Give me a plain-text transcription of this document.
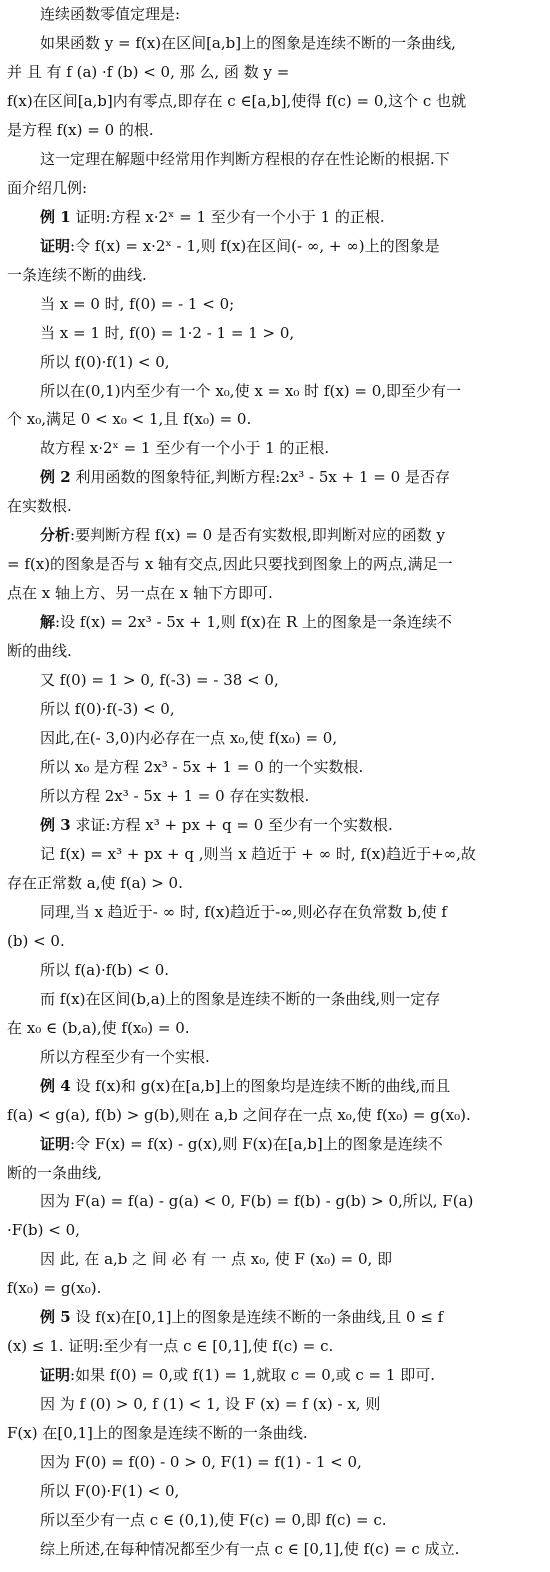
连续函数零值定理是:
如果函数 y = f(x)在区间[a,b]上的图象是连续不断的一条曲线,
并 且 有 f (a) ·f (b) < 0, 那 么, 函 数 y =
f(x)在区间[a,b]内有零点,即存在 c ∈[a,b],使得 f(c) = 0,这个 c 也就
是方程 f(x) = 0 的根.
这一定理在解题中经常用作判断方程根的存在性论断的根据.下
面介绍几例:
例 1 证明:方程 x·2ˣ = 1 至少有一个小于 1 的正根.
证明:令 f(x) = x·2ˣ - 1,则 f(x)在区间(- ∞, + ∞)上的图象是
一条连续不断的曲线.
当 x = 0 时, f(0) = - 1 < 0;
当 x = 1 时, f(0) = 1·2 - 1 = 1 > 0,
所以 f(0)·f(1) < 0,
所以在(0,1)内至少有一个 x₀,使 x = x₀ 时 f(x) = 0,即至少有一
个 x₀,满足 0 < x₀ < 1,且 f(x₀) = 0.
故方程 x·2ˣ = 1 至少有一个小于 1 的正根.
例 2 利用函数的图象特征,判断方程:2x³ - 5x + 1 = 0 是否存
在实数根.
分析:要判断方程 f(x) = 0 是否有实数根,即判断对应的函数 y
= f(x)的图象是否与 x 轴有交点,因此只要找到图象上的两点,满足一
点在 x 轴上方、另一点在 x 轴下方即可.
解:设 f(x) = 2x³ - 5x + 1,则 f(x)在 R 上的图象是一条连续不
断的曲线.
又 f(0) = 1 > 0, f(-3) = - 38 < 0,
所以 f(0)·f(-3) < 0,
因此,在(- 3,0)内必存在一点 x₀,使 f(x₀) = 0,
所以 x₀ 是方程 2x³ - 5x + 1 = 0 的一个实数根.
所以方程 2x³ - 5x + 1 = 0 存在实数根.
例 3 求证:方程 x³ + px + q = 0 至少有一个实数根.
记 f(x) = x³ + px + q ,则当 x 趋近于 + ∞ 时, f(x)趋近于+∞,故
存在正常数 a,使 f(a) > 0.
同理,当 x 趋近于- ∞ 时, f(x)趋近于-∞,则必存在负常数 b,使 f
(b) < 0.
所以 f(a)·f(b) < 0.
而 f(x)在区间(b,a)上的图象是连续不断的一条曲线,则一定存
在 x₀ ∈ (b,a),使 f(x₀) = 0.
所以方程至少有一个实根.
例 4 设 f(x)和 g(x)在[a,b]上的图象均是连续不断的曲线,而且
f(a) < g(a), f(b) > g(b),则在 a,b 之间存在一点 x₀,使 f(x₀) = g(x₀).
证明:令 F(x) = f(x) - g(x),则 F(x)在[a,b]上的图象是连续不
断的一条曲线,
因为 F(a) = f(a) - g(a) < 0, F(b) = f(b) - g(b) > 0,所以, F(a)
·F(b) < 0,
因 此, 在 a,b 之 间 必 有 一 点 x₀, 使 F (x₀) = 0, 即
f(x₀) = g(x₀).
例 5 设 f(x)在[0,1]上的图象是连续不断的一条曲线,且 0 ≤ f
(x) ≤ 1. 证明:至少有一点 c ∈ [0,1],使 f(c) = c.
证明:如果 f(0) = 0,或 f(1) = 1,就取 c = 0,或 c = 1 即可.
因 为 f (0) > 0, f (1) < 1, 设 F (x) = f (x) - x, 则
F(x) 在[0,1]上的图象是连续不断的一条曲线.
因为 F(0) = f(0) - 0 > 0, F(1) = f(1) - 1 < 0,
所以 F(0)·F(1) < 0,
所以至少有一点 c ∈ (0,1),使 F(c) = 0,即 f(c) = c.
综上所述,在每种情况都至少有一点 c ∈ [0,1],使 f(c) = c 成立.
